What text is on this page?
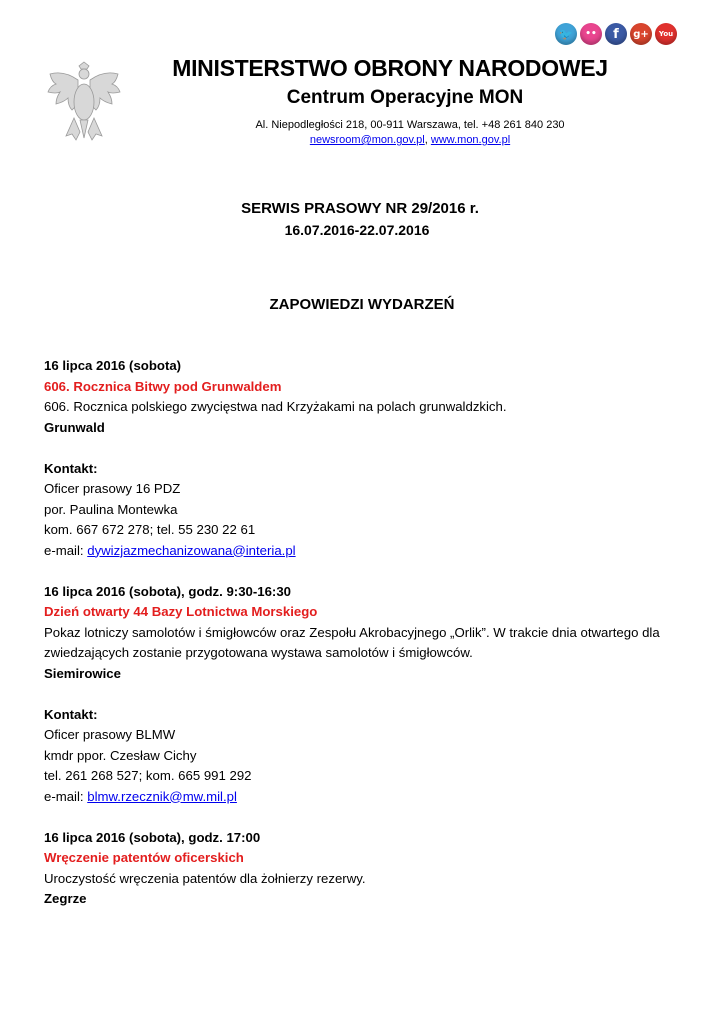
🐦	••	f	g+	You
MINISTERSTWO OBRONY NARODOWEJ
Centrum Operacyjne MON
Al. Niepodległości 218, 00-911 Warszawa, tel. +48 261 840 230
newsroom@mon.gov.pl, www.mon.gov.pl
SERWIS PRASOWY NR 29/2016 r.
16.07.2016-22.07.2016
ZAPOWIEDZI WYDARZEŃ

16 lipca 2016 (sobota)

606. Rocznica Bitwy pod Grunwaldem

606. Rocznica polskiego zwycięstwa nad Krzyżakami na polach grunwaldzkich.

Grunwald

Kontakt:

Oficer prasowy 16 PDZ

por. Paulina Montewka

kom. 667 672 278; tel. 55 230 22 61

e-mail: dywizjazmechanizowana@interia.pl

16 lipca 2016 (sobota), godz. 9:30-16:30

Dzień otwarty 44 Bazy Lotnictwa Morskiego

Pokaz lotniczy samolotów i śmigłowców oraz Zespołu Akrobacyjnego „Orlik”. W trakcie dnia otwartego dla

zwiedzających zostanie przygotowana wystawa samolotów i śmigłowców.

Siemirowice

Kontakt:

Oficer prasowy BLMW

kmdr ppor. Czesław Cichy

tel. 261 268 527; kom. 665 991 292

e-mail: blmw.rzecznik@mw.mil.pl

16 lipca 2016 (sobota), godz. 17:00

Wręczenie patentów oficerskich

Uroczystość wręczenia patentów dla żołnierzy rezerwy.

Zegrze
